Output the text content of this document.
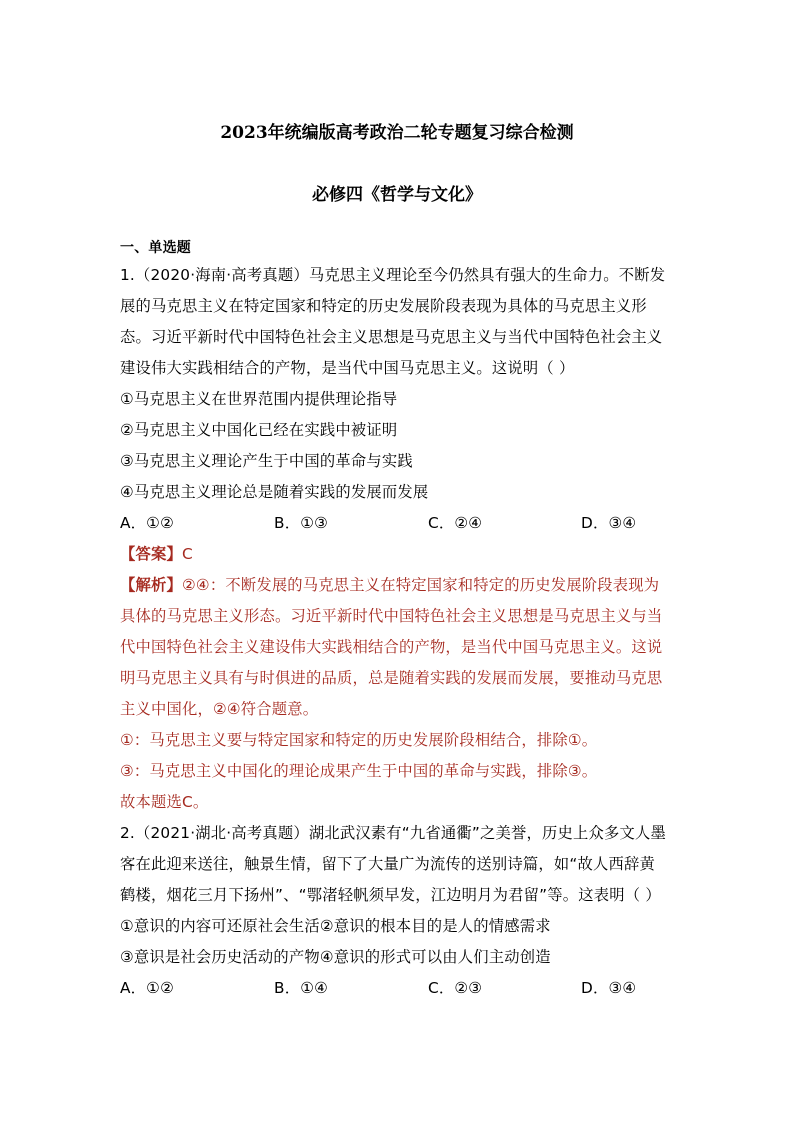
2023年统编版高考政治二轮专题复习综合检测
必修四《哲学与文化》
一、单选题
1.（2020·海南·高考真题）马克思主义理论至今仍然具有强大的生命力。不断发
展的马克思主义在特定国家和特定的历史发展阶段表现为具体的马克思主义形
态。习近平新时代中国特色社会主义思想是马克思主义与当代中国特色社会主义
建设伟大实践相结合的产物，是当代中国马克思主义。这说明（ ）
①马克思主义在世界范围内提供理论指导
②马克思主义中国化已经在实践中被证明
③马克思主义理论产生于中国的革命与实践
④马克思主义理论总是随着实践的发展而发展
A．①②	B．①③	C．②④	D．③④
【答案】C
【解析】②④：不断发展的马克思主义在特定国家和特定的历史发展阶段表现为
具体的马克思主义形态。习近平新时代中国特色社会主义思想是马克思主义与当
代中国特色社会主义建设伟大实践相结合的产物，是当代中国马克思主义。这说
明马克思主义具有与时俱进的品质，总是随着实践的发展而发展，要推动马克思
主义中国化，②④符合题意。
①：马克思主义要与特定国家和特定的历史发展阶段相结合，排除①。
③：马克思主义中国化的理论成果产生于中国的革命与实践，排除③。
故本题选C。
2.（2021·湖北·高考真题）湖北武汉素有“九省通衢”之美誉，历史上众多文人墨
客在此迎来送往，触景生情，留下了大量广为流传的送别诗篇，如“故人西辞黄
鹤楼，烟花三月下扬州”、“鄂渚轻帆须早发，江边明月为君留”等。这表明（ ）
①意识的内容可还原社会生活②意识的根本目的是人的情感需求
③意识是社会历史活动的产物④意识的形式可以由人们主动创造
A．①②	B．①④	C．②③	D．③④
